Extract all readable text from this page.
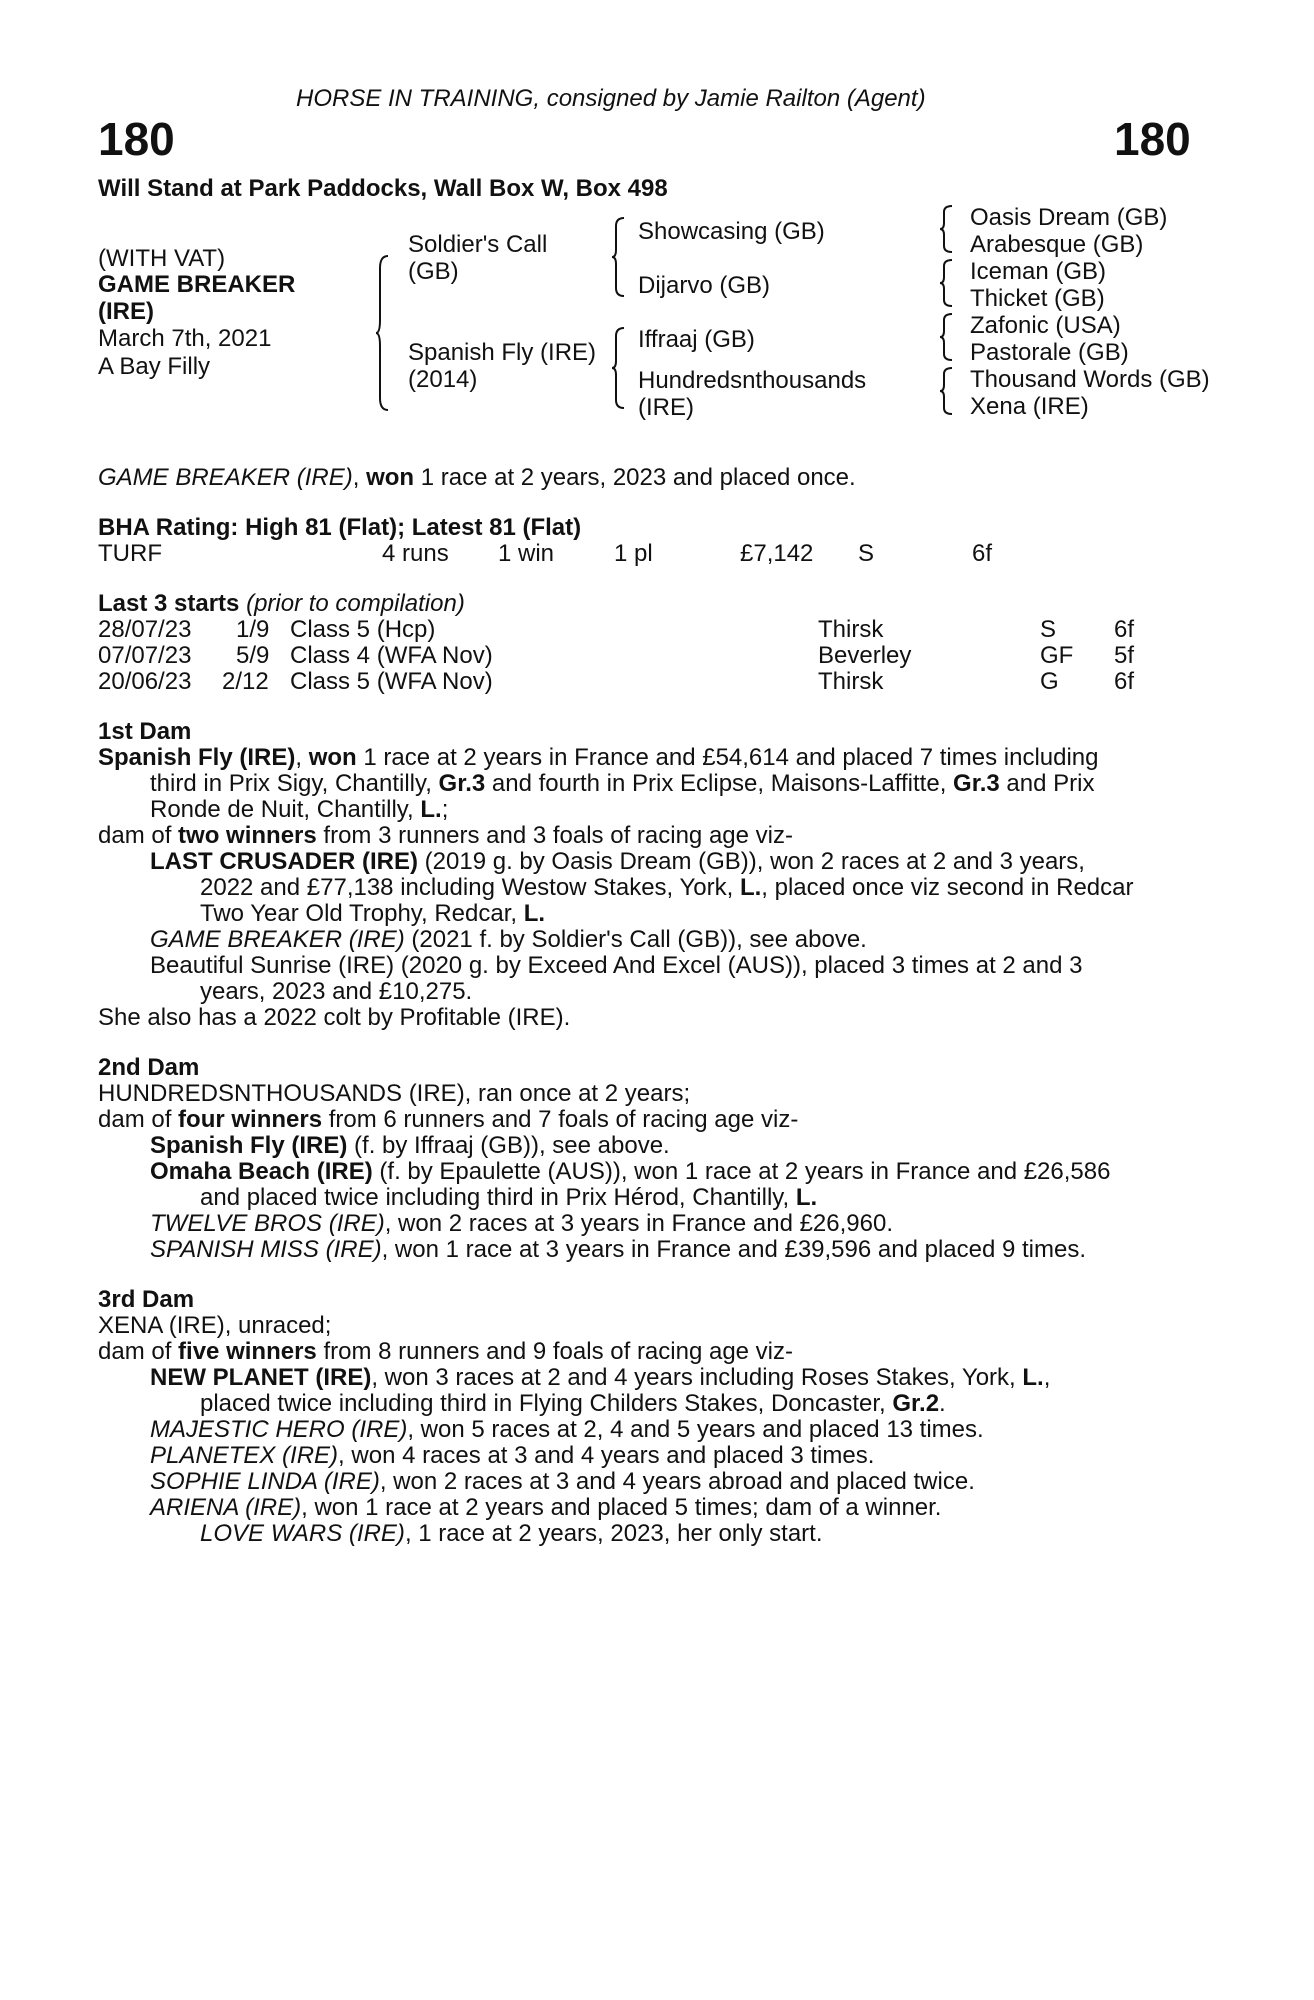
HORSE IN TRAINING, consigned by Jamie Railton (Agent)
180	180
Will Stand at Park Paddocks, Wall Box W, Box 498
(WITH VAT)
GAME BREAKER
(IRE)
March 7th, 2021
A Bay Filly
Soldier's Call
(GB)
Spanish Fly (IRE)
(2014)
Showcasing (GB)
Dijarvo (GB)
Iffraaj (GB)
Hundredsnthousands
(IRE)
Oasis Dream (GB)
Arabesque (GB)
Iceman (GB)
Thicket (GB)
Zafonic (USA)
Pastorale (GB)
Thousand Words (GB)
Xena (IRE)
GAME BREAKER (IRE), won 1 race at 2 years, 2023 and placed once.
BHA Rating: High 81 (Flat); Latest 81 (Flat)
TURF	4 runs 1 win 1 pl	£7,142 S	6f
Last 3 starts (prior to compilation)
28/07/23 1/9 Class 5 (Hcp)	Thirsk	S 6f
07/07/23 5/9 Class 4 (WFA Nov)	Beverley	GF 5f
20/06/23 2/12 Class 5 (WFA Nov)	Thirsk	G 6f
1st Dam
Spanish Fly (IRE), won 1 race at 2 years in France and £54,614 and placed 7 times including
third in Prix Sigy, Chantilly, Gr.3 and fourth in Prix Eclipse, Maisons-Laffitte, Gr.3 and Prix
Ronde de Nuit, Chantilly, L.;
dam of two winners from 3 runners and 3 foals of racing age viz-
LAST CRUSADER (IRE) (2019 g. by Oasis Dream (GB)), won 2 races at 2 and 3 years,
2022 and £77,138 including Westow Stakes, York, L., placed once viz second in Redcar
Two Year Old Trophy, Redcar, L.
GAME BREAKER (IRE) (2021 f. by Soldier's Call (GB)), see above.
Beautiful Sunrise (IRE) (2020 g. by Exceed And Excel (AUS)), placed 3 times at 2 and 3
years, 2023 and £10,275.
She also has a 2022 colt by Profitable (IRE).
2nd Dam
HUNDREDSNTHOUSANDS (IRE), ran once at 2 years;
dam of four winners from 6 runners and 7 foals of racing age viz-
Spanish Fly (IRE) (f. by Iffraaj (GB)), see above.
Omaha Beach (IRE) (f. by Epaulette (AUS)), won 1 race at 2 years in France and £26,586
and placed twice including third in Prix Hérod, Chantilly, L.
TWELVE BROS (IRE), won 2 races at 3 years in France and £26,960.
SPANISH MISS (IRE), won 1 race at 3 years in France and £39,596 and placed 9 times.
3rd Dam
XENA (IRE), unraced;
dam of five winners from 8 runners and 9 foals of racing age viz-
NEW PLANET (IRE), won 3 races at 2 and 4 years including Roses Stakes, York, L.,
placed twice including third in Flying Childers Stakes, Doncaster, Gr.2.
MAJESTIC HERO (IRE), won 5 races at 2, 4 and 5 years and placed 13 times.
PLANETEX (IRE), won 4 races at 3 and 4 years and placed 3 times.
SOPHIE LINDA (IRE), won 2 races at 3 and 4 years abroad and placed twice.
ARIENA (IRE), won 1 race at 2 years and placed 5 times; dam of a winner.
LOVE WARS (IRE), 1 race at 2 years, 2023, her only start.
